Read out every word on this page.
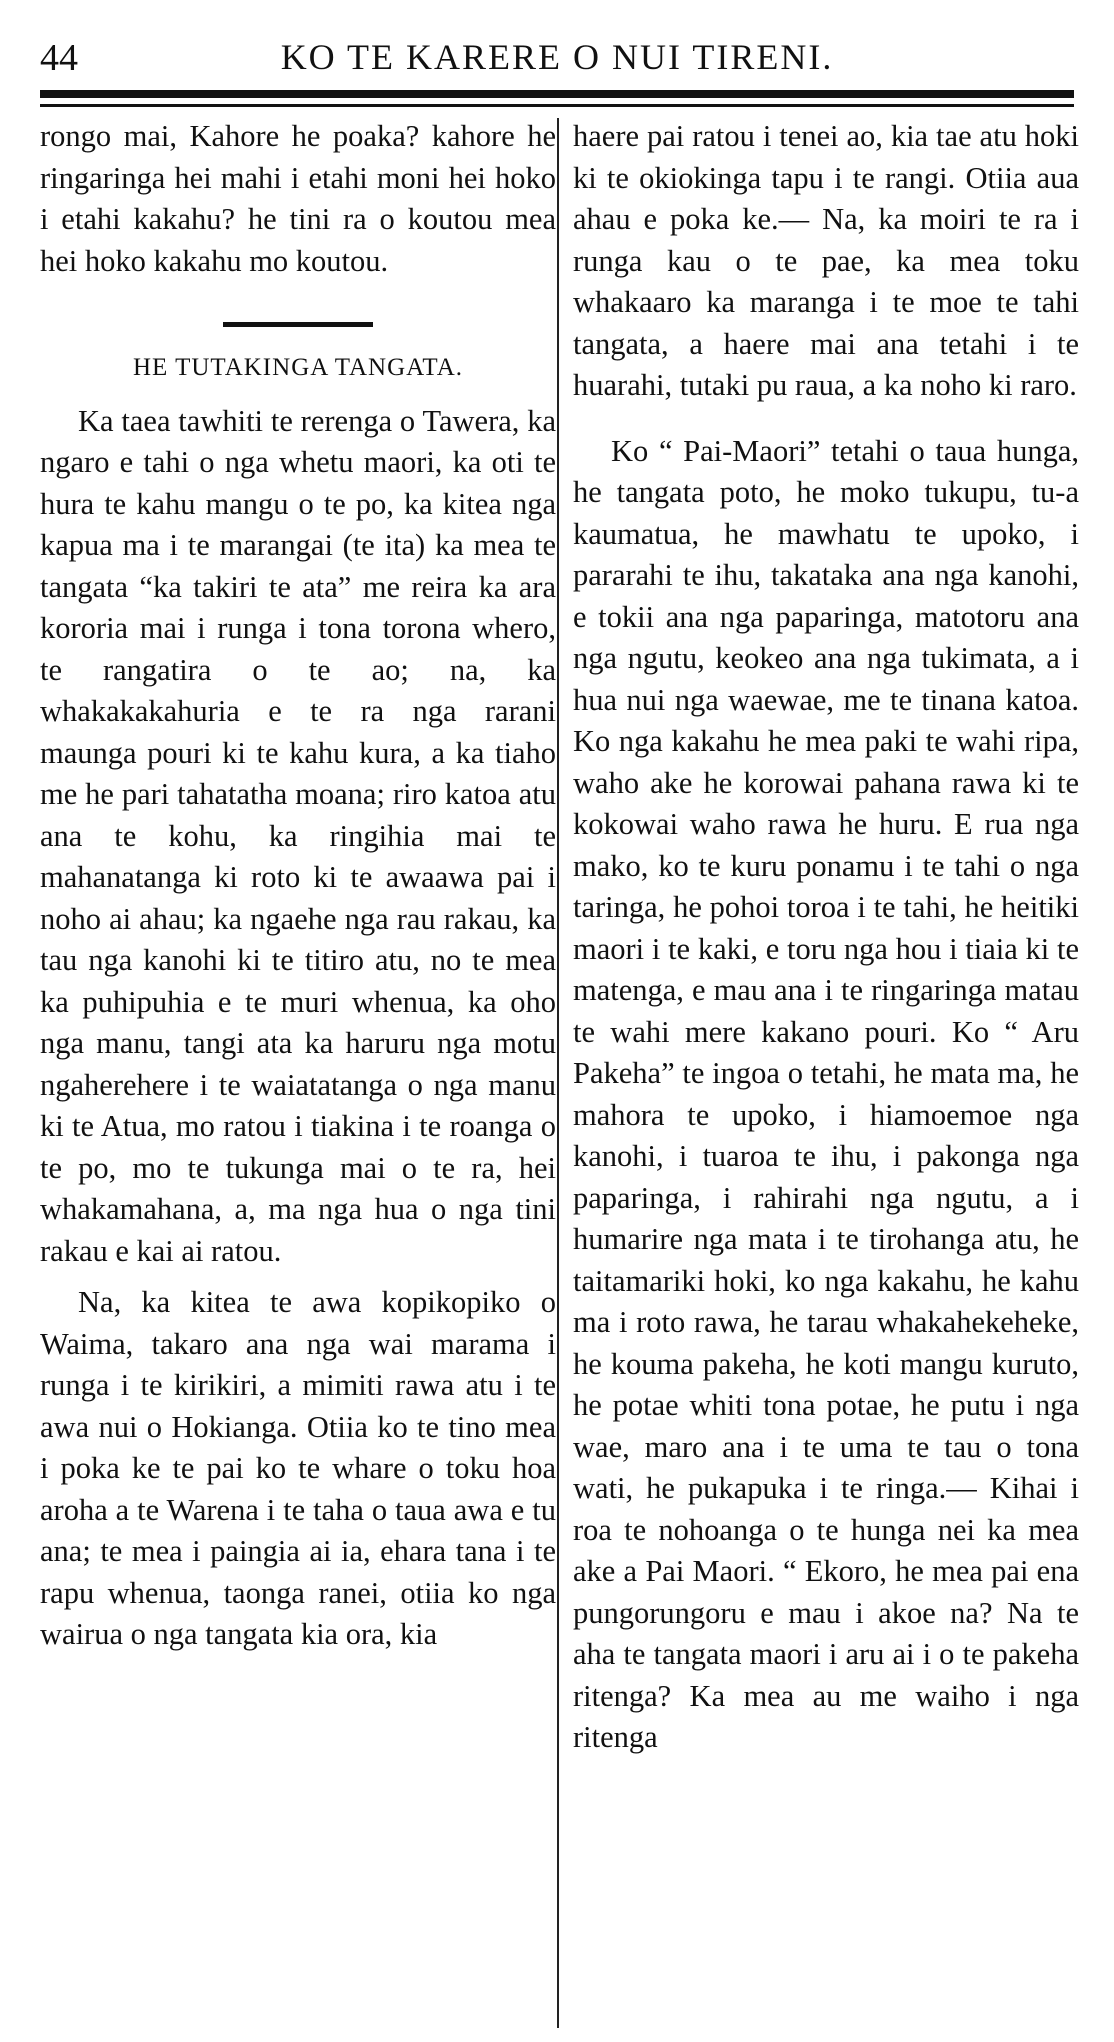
44	KO TE KARERE O NUI TIRENI.

rongo mai, Kahore he poaka? kahore he ringaringa hei mahi i etahi moni hei hoko i etahi kakahu? he tini ra o koutou mea hei hoko kakahu mo koutou.

HE TUTAKINGA TANGATA.

Ka taea tawhiti te rerenga o Tawera, ka ngaro e tahi o nga whetu maori, ka oti te hura te kahu mangu o te po, ka kitea nga kapua ma i te marangai (te ita) ka mea te tangata “ka takiri te ata” me reira ka ara kororia mai i runga i tona torona whero, te rangatira o te ao; na, ka whakakakahuria e te ra nga rarani maunga pouri ki te kahu kura, a ka tiaho me he pari tahatatha moana; riro katoa atu ana te kohu, ka ringihia mai te mahanatanga ki roto ki te awaawa pai i noho ai ahau; ka ngaehe nga rau rakau, ka tau nga kanohi ki te titiro atu, no te mea ka puhipuhia e te muri whenua, ka oho nga manu, tangi ata ka haruru nga motu ngaherehere i te waiatatanga o nga manu ki te Atua, mo ratou i tiakina i te roanga o te po, mo te tukunga mai o te ra, hei whakamahana, a, ma nga hua o nga tini rakau e kai ai ratou.

Na, ka kitea te awa kopikopiko o Waima, takaro ana nga wai marama i runga i te kirikiri, a mimiti rawa atu i te awa nui o Hokianga. Otiia ko te tino mea i poka ke te pai ko te whare o toku hoa aroha a te Warena i te taha o taua awa e tu ana; te mea i paingia ai ia, ehara tana i te rapu whenua, taonga ranei, otiia ko nga wairua o nga tangata kia ora, kia

haere pai ratou i tenei ao, kia tae atu hoki ki te okiokinga tapu i te rangi. Otiia aua ahau e poka ke.— Na, ka moiri te ra i runga kau o te pae, ka mea toku whakaaro ka maranga i te moe te tahi tangata, a haere mai ana tetahi i te huarahi, tutaki pu raua, a ka noho ki raro.

Ko “ Pai-Maori” tetahi o taua hunga, he tangata poto, he moko tukupu, tu-a kaumatua, he mawhatu te upoko, i pararahi te ihu, takataka ana nga kanohi, e tokii ana nga paparinga, matotoru ana nga ngutu, keokeo ana nga tukimata, a i hua nui nga waewae, me te tinana katoa. Ko nga kakahu he mea paki te wahi ripa, waho ake he korowai pahana rawa ki te kokowai waho rawa he huru. E rua nga mako, ko te kuru ponamu i te tahi o nga taringa, he pohoi toroa i te tahi, he heitiki maori i te kaki, e toru nga hou i tiaia ki te matenga, e mau ana i te ringaringa matau te wahi mere kakano pouri. Ko “ Aru Pakeha” te ingoa o tetahi, he mata ma, he mahora te upoko, i hiamoemoe nga kanohi, i tuaroa te ihu, i pakonga nga paparinga, i rahirahi nga ngutu, a i humarire nga mata i te tirohanga atu, he taitamariki hoki, ko nga kakahu, he kahu ma i roto rawa, he tarau whakahekeheke, he kouma pakeha, he koti mangu kuruto, he potae whiti tona potae, he putu i nga wae, maro ana i te uma te tau o tona wati, he pukapuka i te ringa.— Kihai i roa te nohoanga o te hunga nei ka mea ake a Pai Maori. “ Ekoro, he mea pai ena pungorungoru e mau i akoe na? Na te aha te tangata maori i aru ai i o te pakeha ritenga? Ka mea au me waiho i nga ritenga
